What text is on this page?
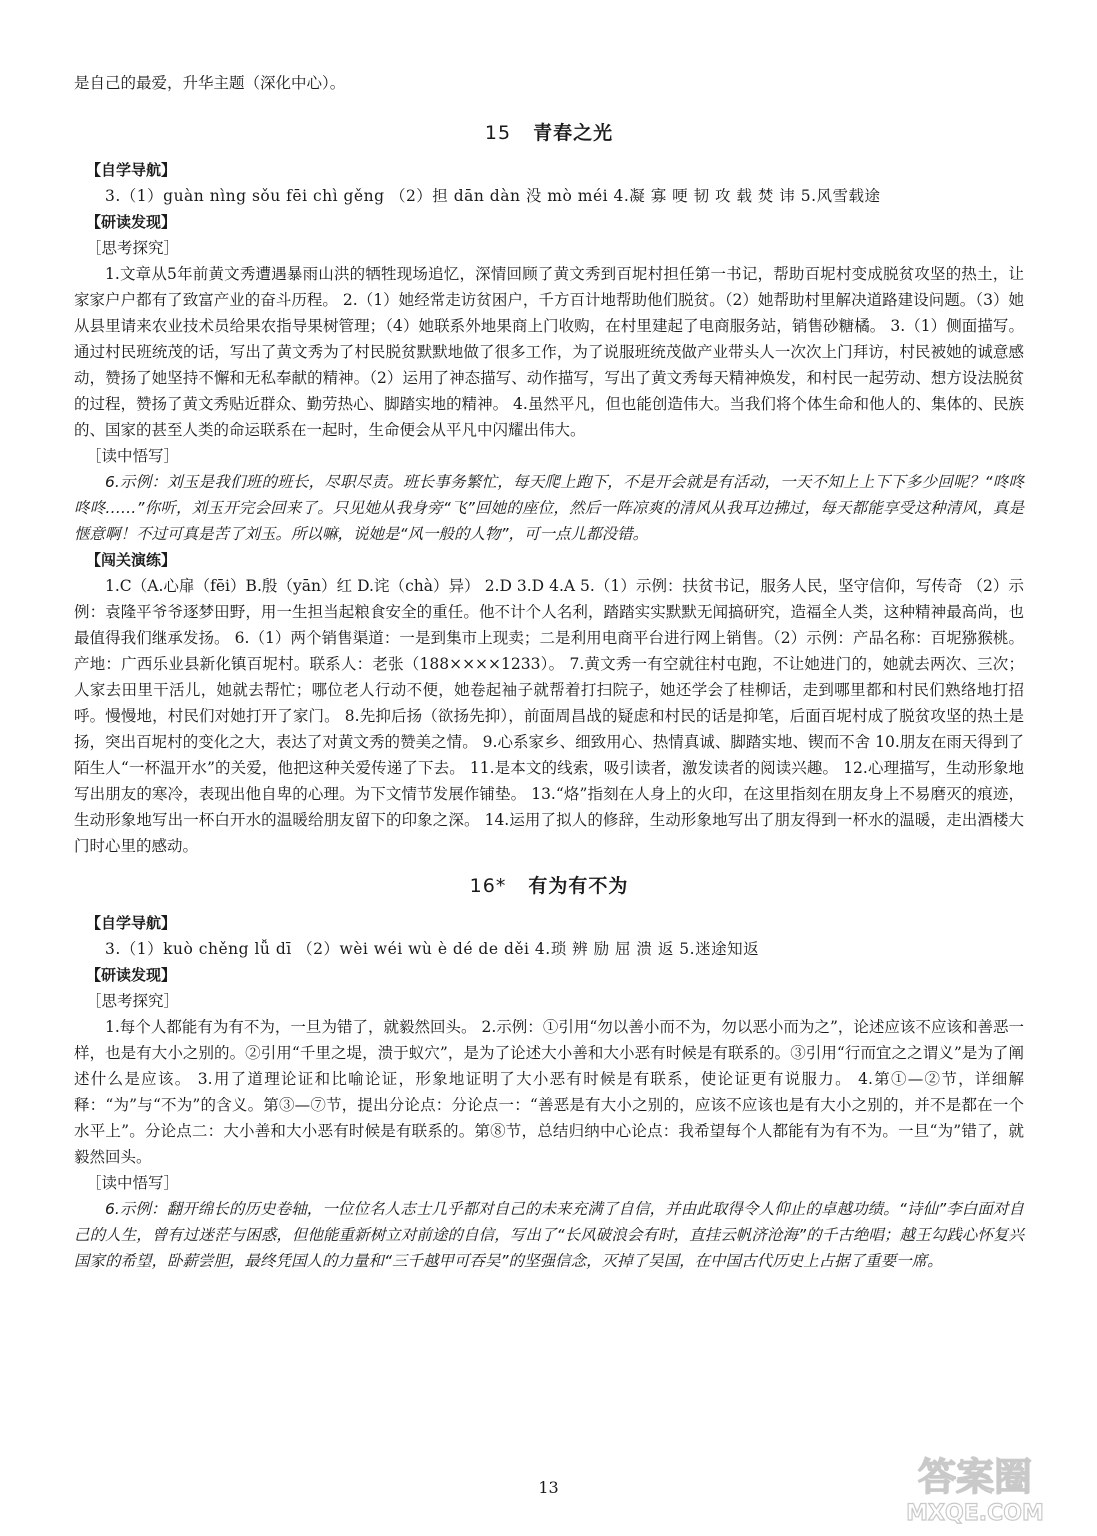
是自己的最爱，升华主题（深化中心）。

15 青春之光

【自学导航】

3.（1）guàn nìng sǒu fēi chì gěng （2）担 dān dàn 没 mò méi 4.凝 寡 哽 韧 攻 载 焚 讳 5.风雪载途

【研读发现】

［思考探究］

1.文章从5年前黄文秀遭遇暴雨山洪的牺牲现场追忆，深情回顾了黄文秀到百坭村担任第一书记，帮助百坭村变成脱贫攻坚的热土，让家家户户都有了致富产业的奋斗历程。 2.（1）她经常走访贫困户，千方百计地帮助他们脱贫。（2）她帮助村里解决道路建设问题。（3）她从县里请来农业技术员给果农指导果树管理；（4）她联系外地果商上门收购，在村里建起了电商服务站，销售砂糖橘。 3.（1）侧面描写。通过村民班统茂的话，写出了黄文秀为了村民脱贫默默地做了很多工作，为了说服班统茂做产业带头人一次次上门拜访，村民被她的诚意感动，赞扬了她坚持不懈和无私奉献的精神。（2）运用了神态描写、动作描写，写出了黄文秀每天精神焕发，和村民一起劳动、想方设法脱贫的过程，赞扬了黄文秀贴近群众、勤劳热心、脚踏实地的精神。 4.虽然平凡，但也能创造伟大。当我们将个体生命和他人的、集体的、民族的、国家的甚至人类的命运联系在一起时，生命便会从平凡中闪耀出伟大。

［读中悟写］

6.示例：刘玉是我们班的班长，尽职尽责。班长事务繁忙，每天爬上跑下，不是开会就是有活动，一天不知上上下下多少回呢？“咚咚咚咚……”你听，刘玉开完会回来了。只见她从我身旁“飞”回她的座位，然后一阵凉爽的清风从我耳边拂过，每天都能享受这种清风，真是惬意啊！不过可真是苦了刘玉。所以嘛，说她是“风一般的人物”，可一点儿都没错。

【闯关演练】

1.C（A.心扉（fēi）B.殷（yān）红 D.诧（chà）异） 2.D 3.D 4.A 5.（1）示例：扶贫书记，服务人民，坚守信仰，写传奇 （2）示例：袁隆平爷爷逐梦田野，用一生担当起粮食安全的重任。他不计个人名利，踏踏实实默默无闻搞研究，造福全人类，这种精神最高尚，也最值得我们继承发扬。 6.（1）两个销售渠道：一是到集市上现卖；二是利用电商平台进行网上销售。（2）示例：产品名称：百坭猕猴桃。产地：广西乐业县新化镇百坭村。联系人：老张（188××××1233）。 7.黄文秀一有空就往村屯跑，不让她进门的，她就去两次、三次；人家去田里干活儿，她就去帮忙；哪位老人行动不便，她卷起袖子就帮着打扫院子，她还学会了桂柳话，走到哪里都和村民们熟络地打招呼。慢慢地，村民们对她打开了家门。 8.先抑后扬（欲扬先抑），前面周昌战的疑虑和村民的话是抑笔，后面百坭村成了脱贫攻坚的热土是扬，突出百坭村的变化之大，表达了对黄文秀的赞美之情。 9.心系家乡、细致用心、热情真诚、脚踏实地、锲而不舍 10.朋友在雨天得到了陌生人“一杯温开水”的关爱，他把这种关爱传递了下去。 11.是本文的线索，吸引读者，激发读者的阅读兴趣。 12.心理描写，生动形象地写出朋友的寒冷，表现出他自卑的心理。为下文情节发展作铺垫。 13.“烙”指刻在人身上的火印，在这里指刻在朋友身上不易磨灭的痕迹，生动形象地写出一杯白开水的温暖给朋友留下的印象之深。 14.运用了拟人的修辞，生动形象地写出了朋友得到一杯水的温暖，走出酒楼大门时心里的感动。

16* 有为有不为

【自学导航】

3.（1）kuò chěng lǚ dī （2）wèi wéi wù è dé de děi 4.琐 辨 励 屈 溃 返 5.迷途知返

【研读发现】

［思考探究］

1.每个人都能有为有不为，一旦为错了，就毅然回头。 2.示例：①引用“勿以善小而不为，勿以恶小而为之”，论述应该不应该和善恶一样，也是有大小之别的。②引用“千里之堤，溃于蚁穴”，是为了论述大小善和大小恶有时候是有联系的。③引用“行而宜之之谓义”是为了阐述什么是应该。 3.用了道理论证和比喻论证，形象地证明了大小恶有时候是有联系，使论证更有说服力。 4.第①—②节，详细解释：“为”与“不为”的含义。第③—⑦节，提出分论点：分论点一：“善恶是有大小之别的，应该不应该也是有大小之别的，并不是都在一个水平上”。分论点二：大小善和大小恶有时候是有联系的。第⑧节，总结归纳中心论点：我希望每个人都能有为有不为。一旦“为”错了，就毅然回头。

［读中悟写］

6.示例：翻开绵长的历史卷轴，一位位名人志士几乎都对自己的未来充满了自信，并由此取得令人仰止的卓越功绩。“诗仙”李白面对自己的人生，曾有过迷茫与困惑，但他能重新树立对前途的自信，写出了“长风破浪会有时，直挂云帆济沧海”的千古绝唱；越王勾践心怀复兴国家的希望，卧薪尝胆，最终凭国人的力量和“三千越甲可吞吴”的坚强信念，灭掉了吴国，在中国古代历史上占据了重要一席。

13	答案圈
MXQE.COM
